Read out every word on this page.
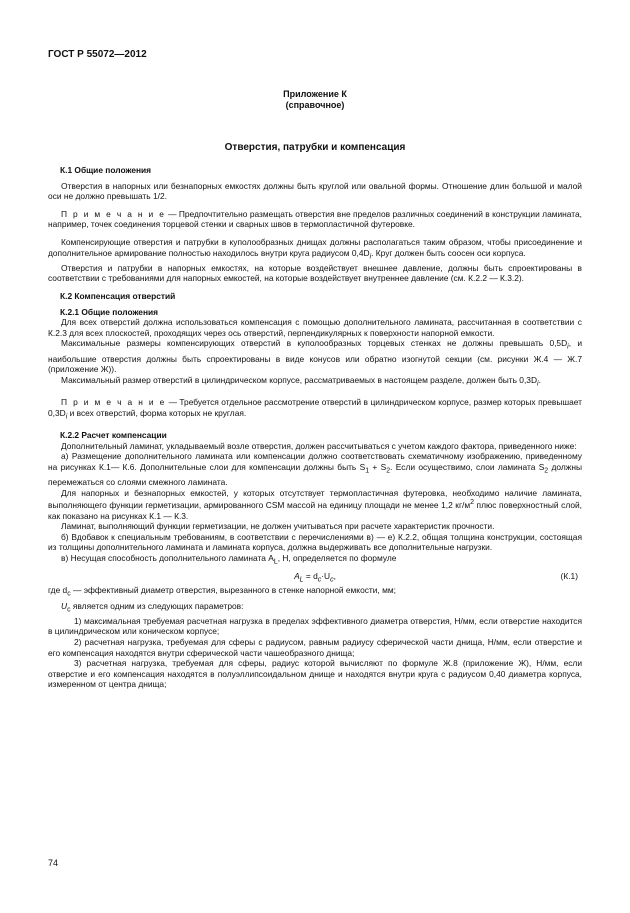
ГОСТ Р 55072—2012
Приложение К
(справочное)
Отверстия, патрубки и компенсация

К.1 Общие положения

Отверстия в напорных или безнапорных емкостях должны быть круглой или овальной формы. Отношение длин большой и малой оси не должно превышать 1/2.

П р и м е ч а н и е — Предпочтительно размещать отверстия вне пределов различных соединений в конструкции ламината, например, точек соединения торцевой стенки и сварных швов в термопластичной футеровке.

Компенсирующие отверстия и патрубки в куполообразных днищах должны располагаться таким образом, чтобы присоединение и дополнительное армирование полностью находилось внутри круга радиусом $0,4D_i$. Круг должен быть соосен оси корпуса.

Отверстия и патрубки в напорных емкостях, на которые воздействует внешнее давление, должны быть спроектированы в соответствии с требованиями для напорных емкостей, на которые воздействует внутреннее давление (см. К.2.2 — К.3.2).

К.2 Компенсация отверстий

К.2.1 Общие положения

Для всех отверстий должна использоваться компенсация с помощью дополнительного ламината, рассчитанная в соответствии с К.2.3 для всех плоскостей, проходящих через ось отверстий, перпендикулярных к поверхности напорной емкости.

Максимальные размеры компенсирующих отверстий в куполообразных торцевых стенках не должны превышать $0,5D_i$, и наибольшие отверстия должны быть спроектированы в виде конусов или обратно изогнутой секции (см. рисунки Ж.4 — Ж.7 (приложение Ж)).

Максимальный размер отверстий в цилиндрическом корпусе, рассматриваемых в настоящем разделе, должен быть $0,3D_i$.

П р и м е ч а н и е — Требуется отдельное рассмотрение отверстий в цилиндрическом корпусе, размер которых превышает $0,3D_i$ и всех отверстий, форма которых не круглая.

К.2.2 Расчет компенсации

Дополнительный ламинат, укладываемый возле отверстия, должен рассчитываться с учетом каждого фактора, приведенного ниже:

а) Размещение дополнительного ламината или компенсации должно соответствовать схематичному изображению, приведенному на рисунках К.1— К.6. Дополнительные слои для компенсации должны быть $S_1 + S_2$. Если осуществимо, слои ламината $S_2$ должны перемежаться со слоями смежного ламината.

Для напорных и безнапорных емкостей, у которых отсутствует термопластичная футеровка, необходимо наличие ламината, выполняющего функции герметизации, армированного CSM массой на единицу площади не менее 1,2 $кг/м^2$ плюс поверхностный слой, как показано на рисунках К.1 — К.3.

Ламинат, выполняющий функции герметизации, не должен учитываться при расчете характеристик прочности.

б) Вдобавок к специальным требованиям, в соответствии с перечислениями в) — е) К.2.2, общая толщина конструкции, состоящая из толщины дополнительного ламината и ламината корпуса, должна выдерживать все дополнительные нагрузки.

в) Несущая способность дополнительного ламината $A_L$, Н, определяется по формуле

$A_L = d_c\cdot U_c$,	(К.1)

где $d_c$ — эффективный диаметр отверстия, вырезанного в стенке напорной емкости, мм;

$U_c$ является одним из следующих параметров:

1) максимальная требуемая расчетная нагрузка в пределах эффективного диаметра отверстия, Н/мм, если отверстие находится в цилиндрическом или коническом корпусе;

2) расчетная нагрузка, требуемая для сферы с радиусом, равным радиусу сферической части днища, Н/мм, если отверстие и его компенсация находятся внутри сферической части чашеобразного днища;

3) расчетная нагрузка, требуемая для сферы, радиус которой вычисляют по формуле Ж.8 (приложение Ж), Н/мм, если отверстие и его компенсация находятся в полуэллипсоидальном днище и находятся внутри круга с радиусом 0,40 диаметра корпуса, измеренном от центра днища;

74
